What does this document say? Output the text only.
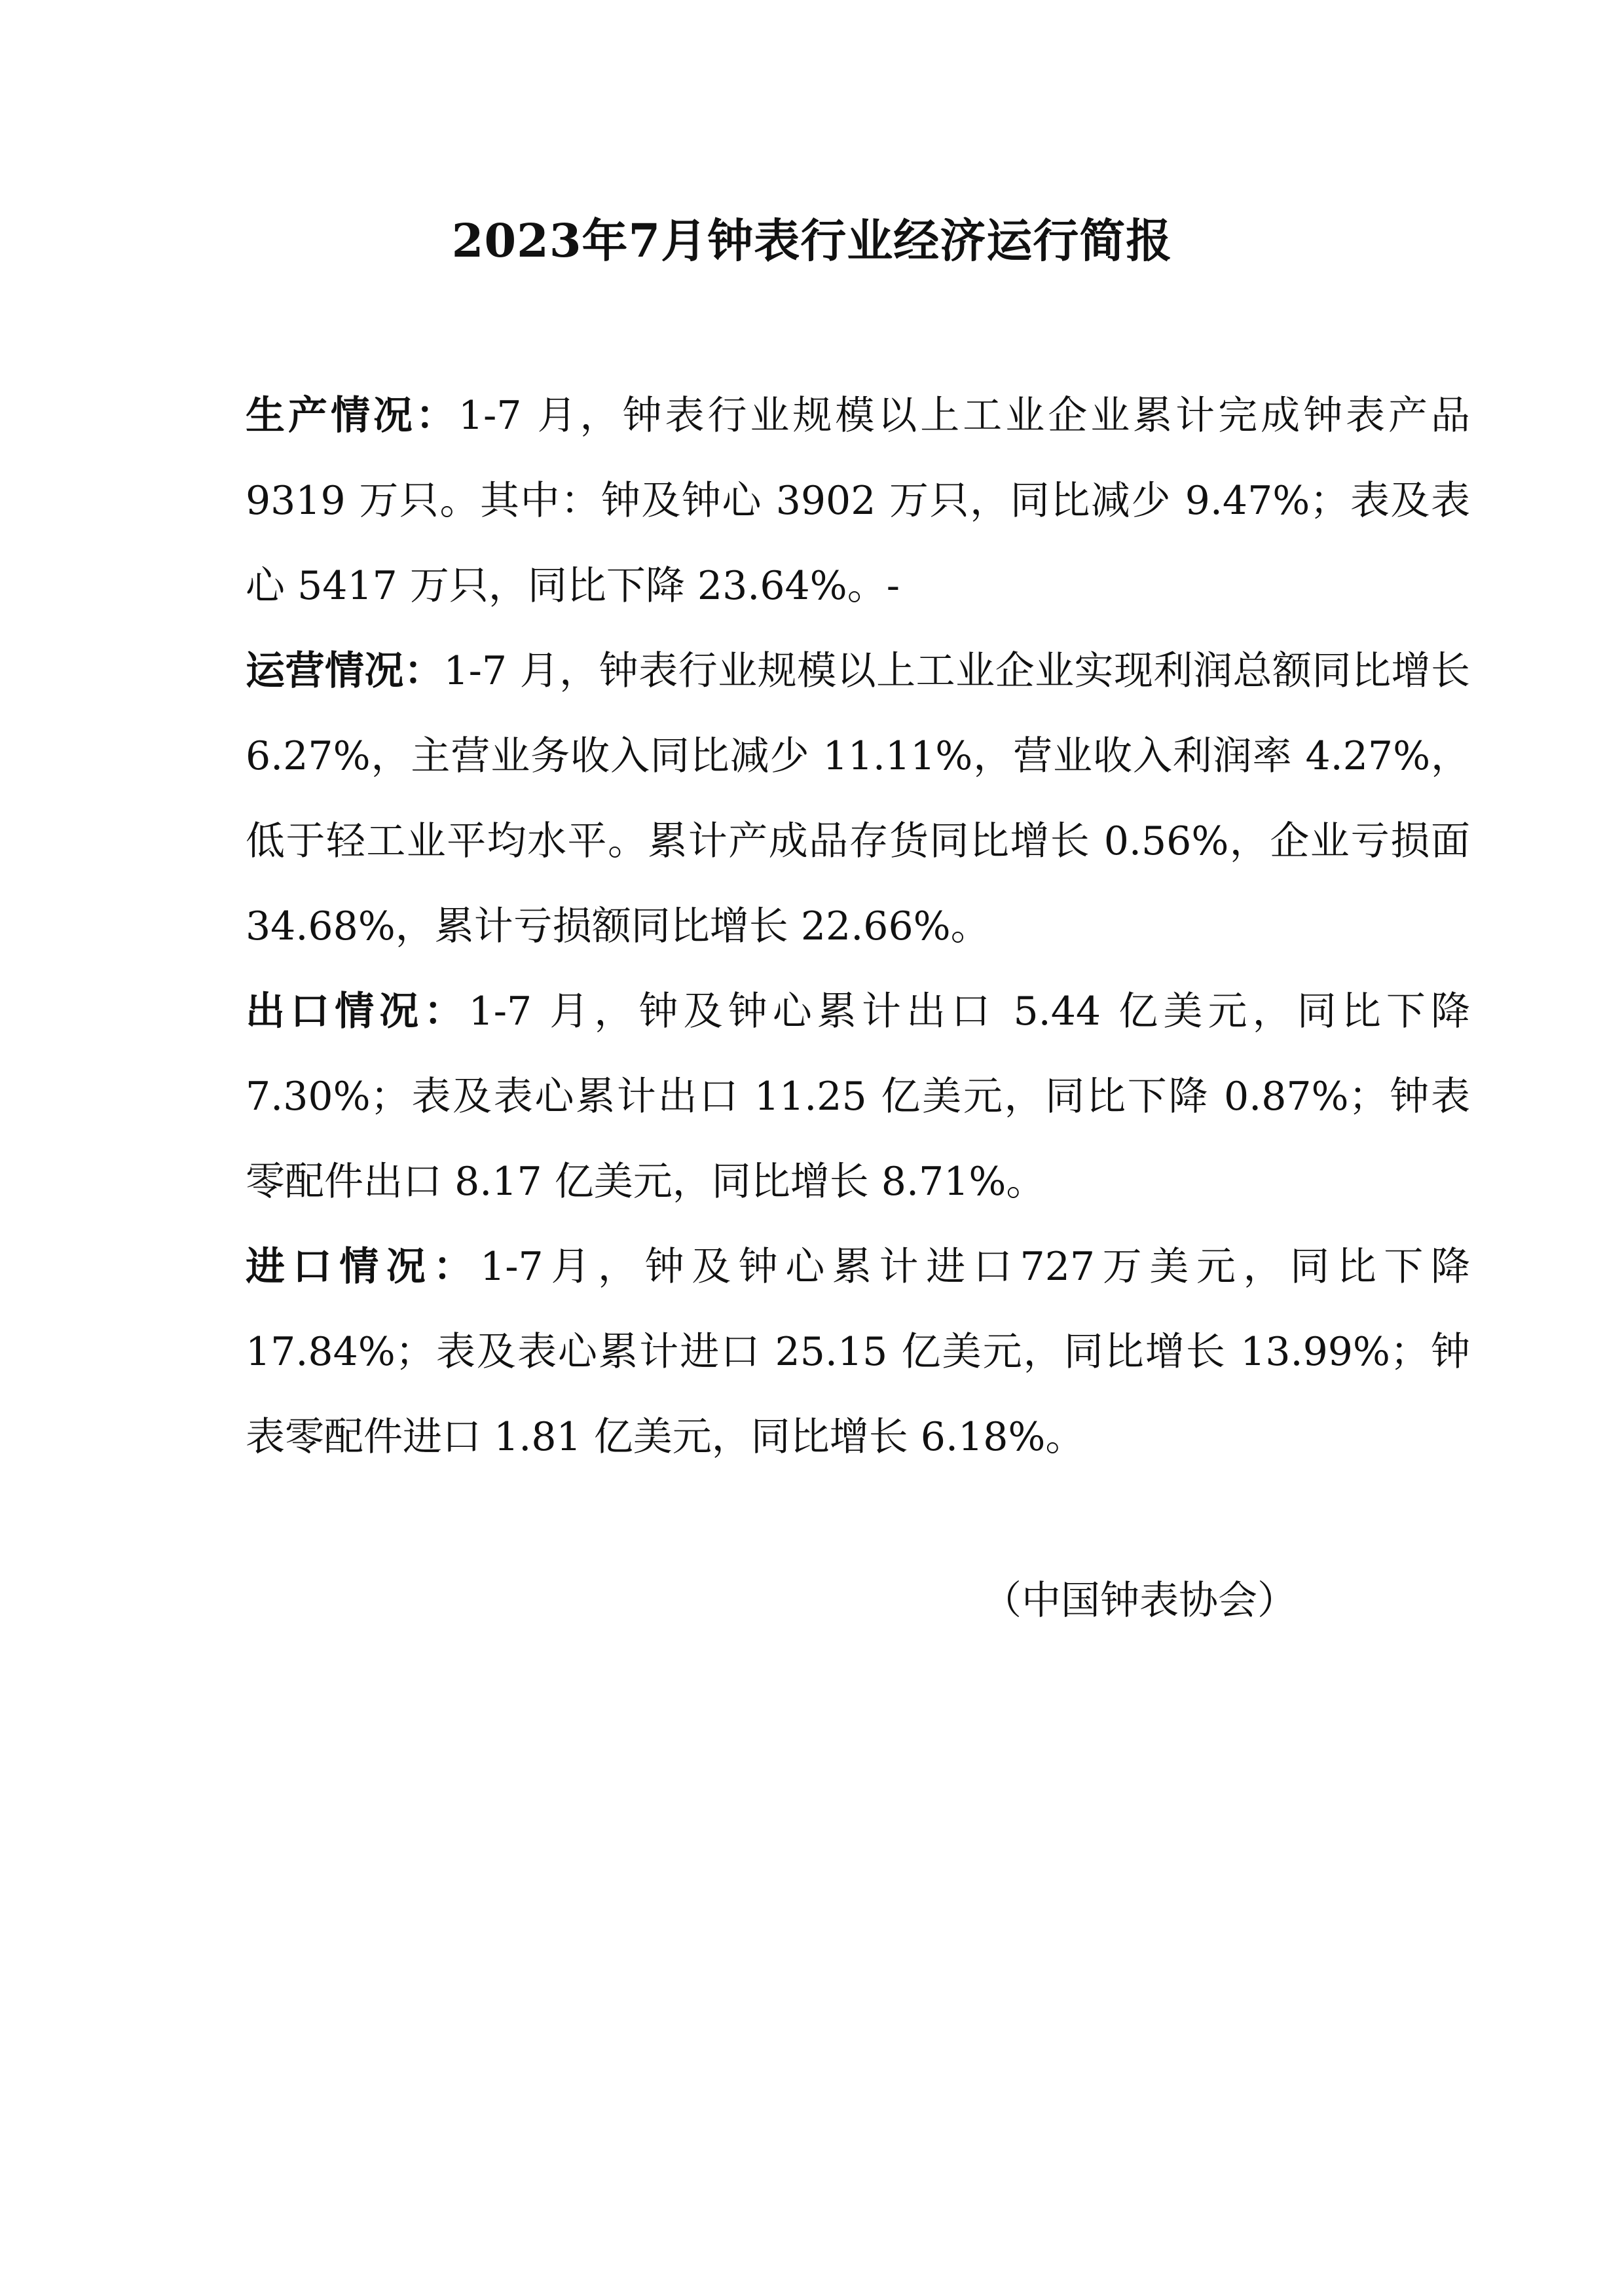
2023年7月钟表行业经济运行简报

生产情况：1-7 月，钟表行业规模以上工业企业累计完成钟表产品 9319 万只。其中：钟及钟心 3902 万只，同比减少 9.47%；表及表心 5417 万只，同比下降 23.64%。-

运营情况：1-7 月，钟表行业规模以上工业企业实现利润总额同比增长 6.27%，主营业务收入同比减少 11.11%，营业收入利润率 4.27%，低于轻工业平均水平。累计产成品存货同比增长 0.56%，企业亏损面 34.68%，累计亏损额同比增长 22.66%。

出口情况：1-7 月，钟及钟心累计出口 5.44 亿美元，同比下降 7.30%；表及表心累计出口 11.25 亿美元，同比下降 0.87%；钟表零配件出口 8.17 亿美元，同比增长 8.71%。

进口情况：1-7月，钟及钟心累计进口727万美元，同比下降17.84%；表及表心累计进口 25.15 亿美元，同比增长 13.99%；钟表零配件进口 1.81 亿美元，同比增长 6.18%。

（中国钟表协会）
